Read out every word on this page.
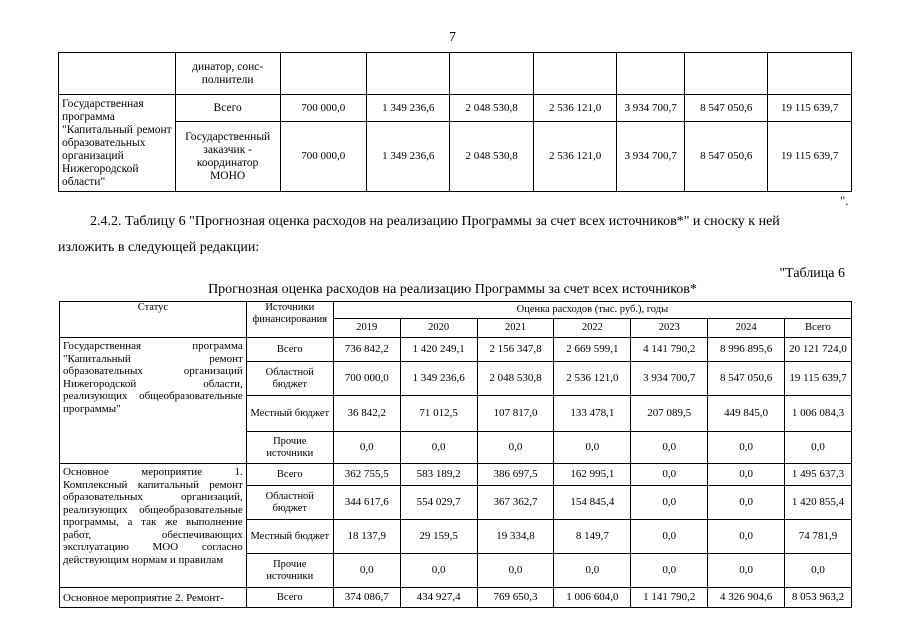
7
	динатор, соис-полнители							
Государственная программа "Капитальный ремонт образовательных организаций Нижегородской области"	Всего	700 000,0	1 349 236,6	2 048 530,8	2 536 121,0	3 934 700,7	8 547 050,6	19 115 639,7
	Государственный заказчик - координатор МОНО	700 000,0	1 349 236,6	2 048 530,8	2 536 121,0	3 934 700,7	8 547 050,6	19 115 639,7
".
2.4.2. Таблицу 6 "Прогнозная оценка расходов на реализацию Программы за счет всех источников*" и сноску к ней
изложить в следующей редакции:
"Таблица 6
Прогнозная оценка расходов на реализацию Программы за счет всех источников*
Статус	Источники финансирования	Оценка расходов (тыс. руб.), годы						
		2019	2020	2021	2022	2023	2024	Всего
Государственная программа "Капитальный ремонт образовательных организаций Нижегородской области, реализующих общеобразовательные программы"	Всего	736 842,2	1 420 249,1	2 156 347,8	2 669 599,1	4 141 790,2	8 996 895,6	20 121 724,0
	Областной бюджет	700 000,0	1 349 236,6	2 048 530,8	2 536 121,0	3 934 700,7	8 547 050,6	19 115 639,7
	Местный бюджет	36 842,2	71 012,5	107 817,0	133 478,1	207 089,5	449 845,0	1 006 084,3
	Прочие источники	0,0	0,0	0,0	0,0	0,0	0,0	0,0
Основное мероприятие 1. Комплексный капитальный ремонт образовательных организаций, реализующих общеобразовательные программы, а так же выполнение работ, обеспечивающих эксплуатацию МОО согласно действующим нормам и правилам	Всего	362 755,5	583 189,2	386 697,5	162 995,1	0,0	0,0	1 495 637,3
	Областной бюджет	344 617,6	554 029,7	367 362,7	154 845,4	0,0	0,0	1 420 855,4
	Местный бюджет	18 137,9	29 159,5	19 334,8	8 149,7	0,0	0,0	74 781,9
	Прочие источники	0,0	0,0	0,0	0,0	0,0	0,0	0,0
Основное мероприятие 2. Ремонт-	Всего	374 086,7	434 927,4	769 650,3	1 006 604,0	1 141 790,2	4 326 904,6	8 053 963,2
